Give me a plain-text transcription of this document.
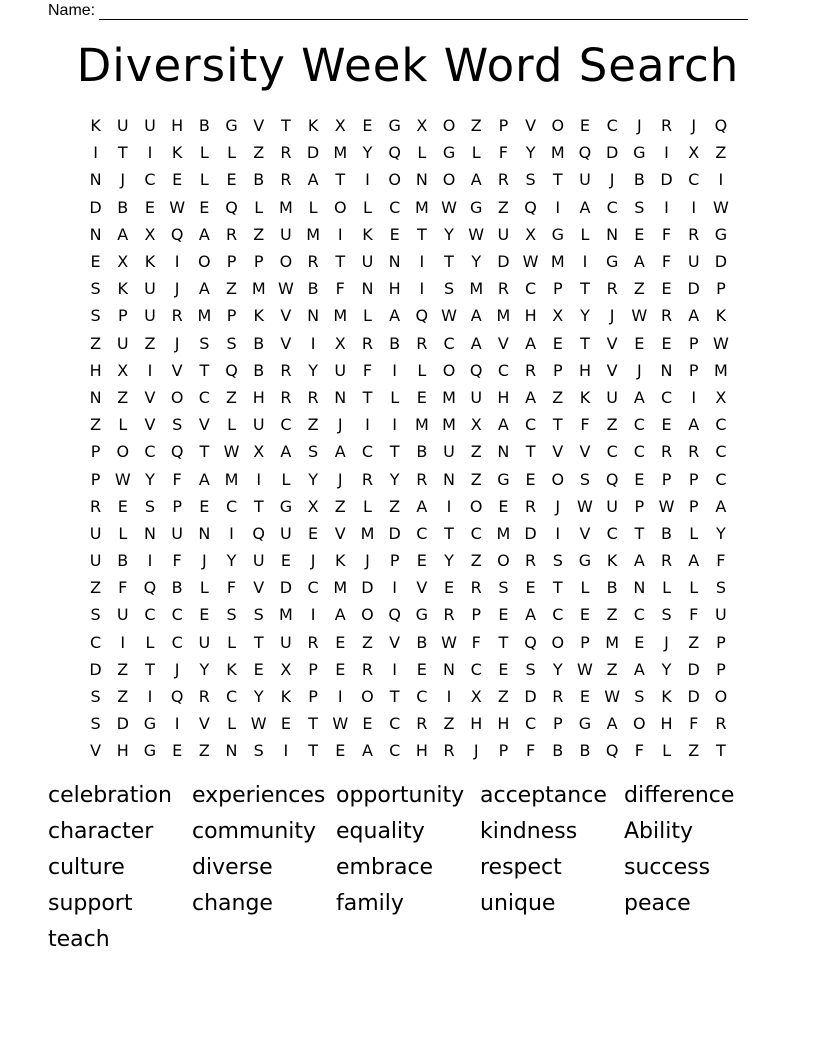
Name:
Diversity Week Word Search
K	U U H B G V	T	K	X	E G X O Z	P	V O E	C	J	R	J	Q
I	T	I	K	L	L	Z	R D M Y	Q	L	G	L	F	Y M Q D G	I	X	Z
N	J	C	E	L	E	B	R	A	T	I	O N O A	R	S	T	U	J	B D C	I
D B	E W E Q	L M L	O	L	C M W G Z Q	I	A	C	S	I	I	W
N A	X Q A	R	Z U M	I	K	E	T	Y W U X G	L	N	E	F	R G
E	X	K	I	O	P	P	O R	T	U N	I	T	Y	D W M	I	G A	F	U D
S	K	U	J	A	Z M W B	F	N H	I	S M R	C	P	T	R	Z	E D	P
S	P	U R M P	K	V N M L	A Q W A M H X	Y	J	W R	A	K
Z U Z	J	S	S	B	V	I	X	R	B	R	C	A	V	A	E	T	V	E	E	P W
H X	I	V	T	Q B	R	Y	U	F	I	L	O Q C	R	P	H V	J	N	P M
N Z	V O C	Z H R	R N	T	L	E M U H A	Z	K	U A	C	I	X
Z	L	V	S	V	L	U C	Z	J	I	I	M M X	A	C	T	F	Z	C	E	A	C
P	O C Q	T W X	A	S	A	C	T	B U Z N	T	V	V	C	C	R	R	C
P W Y	F	A M	I	L	Y	J	R	Y	R N Z G E O S Q E	P	P	C
R	E	S	P	E	C	T	G X	Z	L	Z	A	I	O E	R	J	W U	P W P	A
U	L	N U N	I	Q U	E	V M D C	T	C M D	I	V	C	T	B	L	Y
U B	I	F	J	Y	U	E	J	K	J	P	E	Y	Z O R	S G K	A	R	A	F
Z	F	Q B	L	F	V D C M D	I	V	E	R	S	E	T	L	B N	L	L	S
S	U C	C	E	S	S M	I	A O Q G R	P	E	A	C	E	Z	C	S	F	U
C	I	L	C U	L	T	U R	E	Z	V	B W F	T	Q O	P M E	J	Z	P
D Z	T	J	Y	K	E	X	P	E	R	I	E	N C	E	S	Y W Z	A	Y	D	P
S	Z	I	Q R	C	Y	K	P	I	O	T	C	I	X	Z D R	E W S	K D O
S D G	I	V	L W E	T W E	C	R	Z H H C	P	G A O H	F	R
V H G E	Z N	S	I	T	E	A	C H R	J	P	F	B	B Q	F	L	Z	T
celebration experiences opportunity acceptance difference
character	community equality	kindness	Ability
culture	diverse	embrace	respect	success
support	change	family	unique	peace
teach
